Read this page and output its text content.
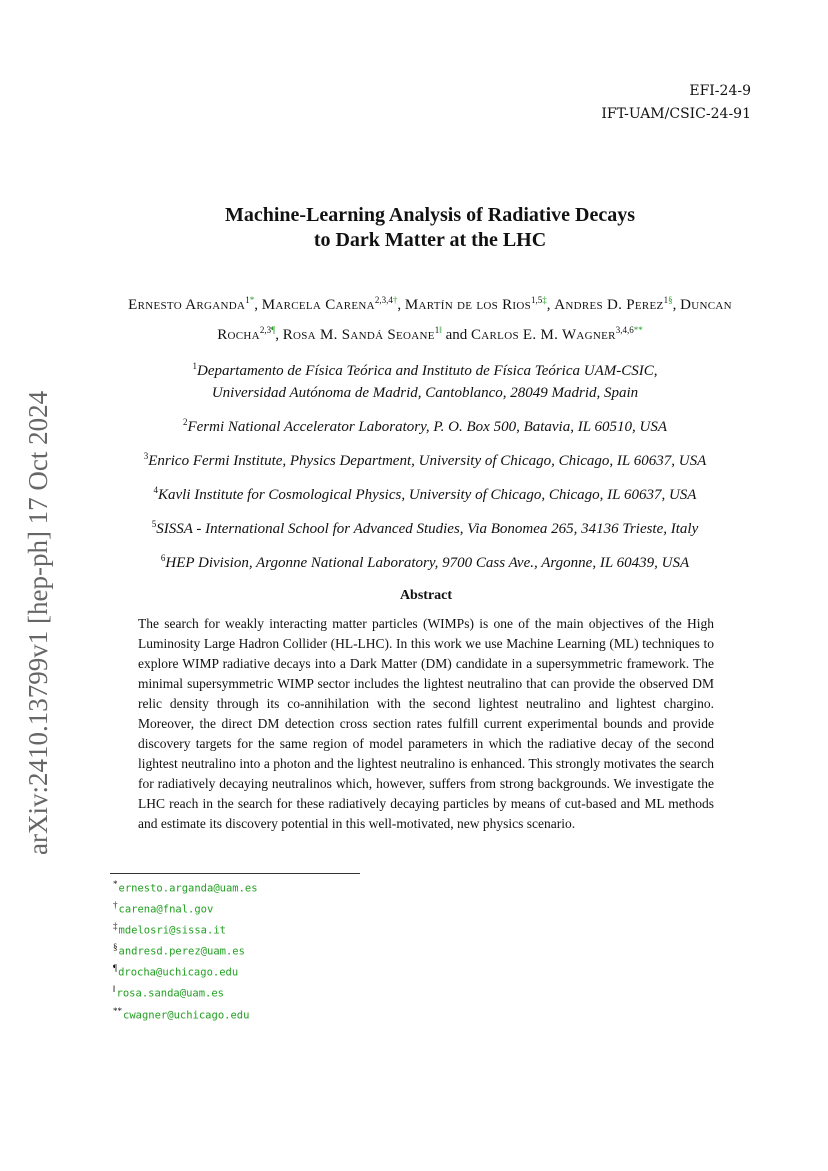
EFI-24-9
IFT-UAM/CSIC-24-91
arXiv:2410.13799v1 [hep-ph] 17 Oct 2024
Machine-Learning Analysis of Radiative Decays
to Dark Matter at the LHC
Ernesto Arganda$^{1*}$, Marcela Carena$^{2,3,4\dagger}$, Martín de los Rios$^{1,5\ddagger}$, Andres D. Perez$^{1\S}$, Duncan Rocha$^{2,3\P}$, Rosa M. Sandá Seoane$^{1‖}$ and Carlos E. M. Wagner$^{3,4,6**}$
$^1$Departamento de Física Teórica and Instituto de Física Teórica UAM-CSIC,
Universidad Autónoma de Madrid, Cantoblanco, 28049 Madrid, Spain
$^2$Fermi National Accelerator Laboratory, P. O. Box 500, Batavia, IL 60510, USA
$^3$Enrico Fermi Institute, Physics Department, University of Chicago, Chicago, IL 60637, USA
$^4$Kavli Institute for Cosmological Physics, University of Chicago, Chicago, IL 60637, USA
$^5$SISSA - International School for Advanced Studies, Via Bonomea 265, 34136 Trieste, Italy
$^6$HEP Division, Argonne National Laboratory, 9700 Cass Ave., Argonne, IL 60439, USA
Abstract
The search for weakly interacting matter particles (WIMPs) is one of the main objectives of the High Luminosity Large Hadron Collider (HL-LHC). In this work we use Machine Learning (ML) techniques to explore WIMP radiative decays into a Dark Matter (DM) candidate in a supersymmetric framework. The minimal supersymmetric WIMP sector includes the lightest neutralino that can provide the observed DM relic density through its co-annihilation with the second lightest neutralino and lightest chargino. Moreover, the direct DM detection cross section rates fulfill current experimental bounds and provide discovery targets for the same region of model parameters in which the radiative decay of the second lightest neutralino into a photon and the lightest neutralino is enhanced. This strongly motivates the search for radiatively decaying neutralinos which, however, suffers from strong backgrounds. We investigate the LHC reach in the search for these radiatively decaying particles by means of cut-based and ML methods and estimate its discovery potential in this well-motivated, new physics scenario.
*ernesto.arganda@uam.es
†carena@fnal.gov
‡mdelosri@sissa.it
§andresd.perez@uam.es
¶drocha@uchicago.edu
‖rosa.sanda@uam.es
**cwagner@uchicago.edu
